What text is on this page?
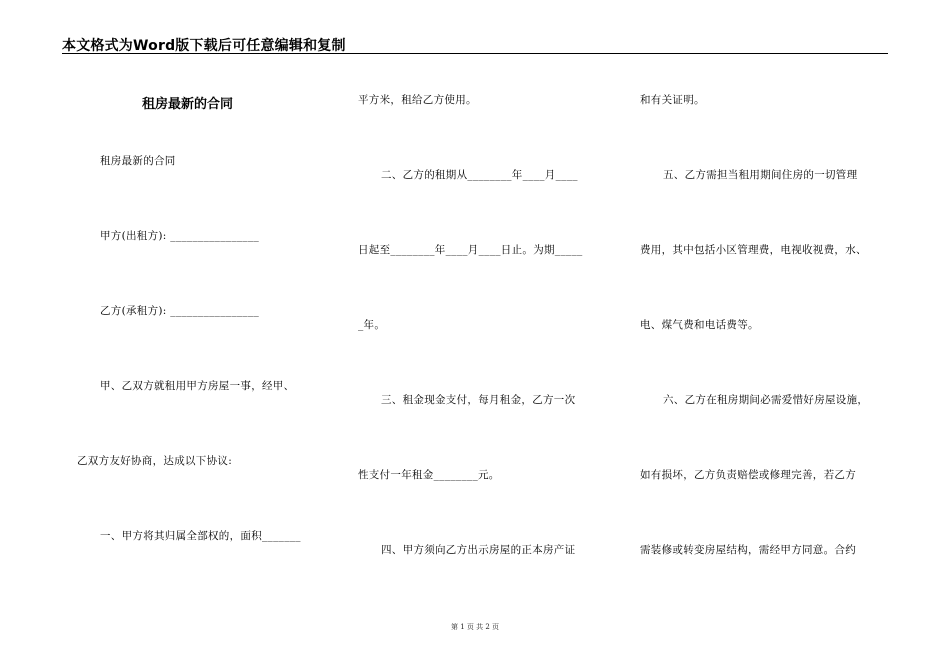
本文格式为Word版下载后可任意编辑和复制
租房最新的合同
租房最新的合同
甲方(出租方): ________________
乙方(承租方): ________________
甲、乙双方就租用甲方房屋一事，经甲、
乙双方友好协商，达成以下协议:
一、甲方将其归属全部权的，面积_______
平方米，租给乙方使用。
二、乙方的租期从________年____月____
日起至________年____月____日止。为期_____
_年。
三、租金现金支付，每月租金，乙方一次
性支付一年租金________元。
四、甲方须向乙方出示房屋的正本房产证
和有关证明。
五、乙方需担当租用期间住房的一切管理
费用，其中包括小区管理费，电视收视费，水、
电、煤气费和电话费等。
六、乙方在租房期间必需爱惜好房屋设施，
如有损坏，乙方负责赔偿或修理完善，若乙方
需装修或转变房屋结构，需经甲方同意。合约
第 1 页 共 2 页
